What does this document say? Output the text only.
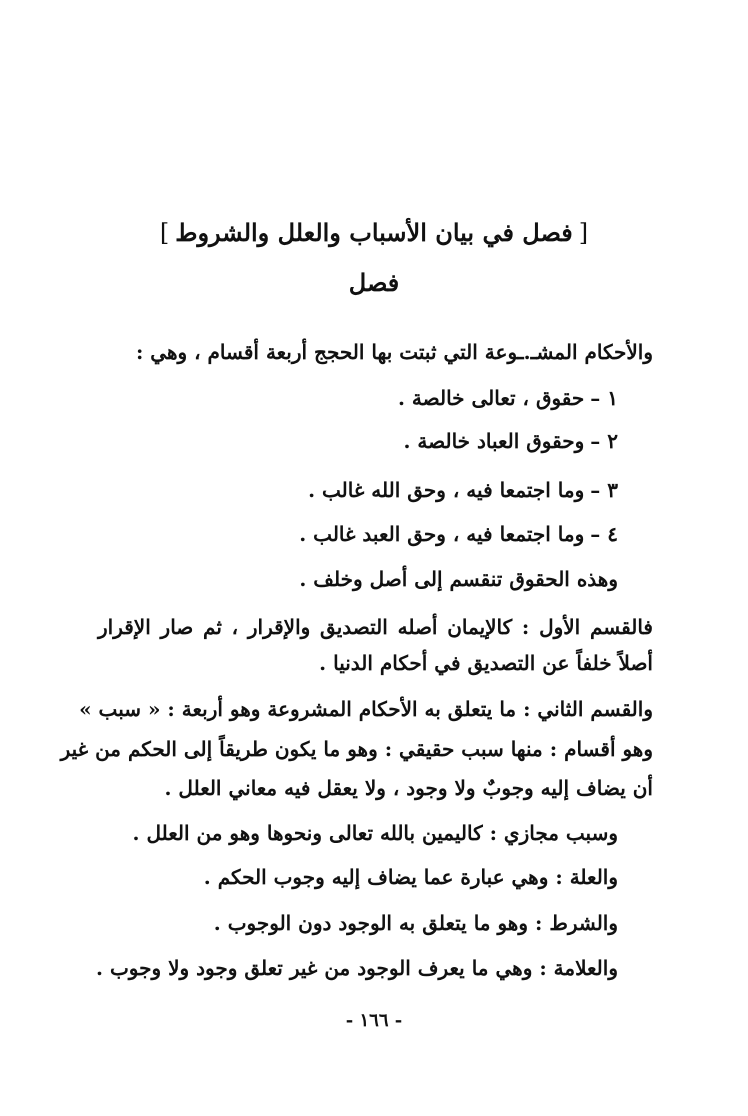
[فصل في بيان الأسباب والعلل والشروط]
فصل
والأحكام المشـ.ـوعة التي ثبتت بها الحجج أربعة أقسام ، وهي :
١ –حقوق ، تعالى خالصة .
٢ –وحقوق العباد خالصة .
٣ –وما اجتمعا فيه ، وحق الله غالب .
٤ –وما اجتمعا فيه ، وحق العبد غالب .
وهذه الحقوق تنقسم إلى أصل وخلف .
فالقسم الأول : كالإيمان أصله التصديق والإقرار ، ثم صار الإقرار
أصلاً خلفاً عن التصديق في أحكام الدنيا .
والقسم الثاني : ما يتعلق به الأحكام المشروعة وهو أربعة : « سبب »
وهو أقسام : منها سبب حقيقي : وهو ما يكون طريقاً إلى الحكم من غير
أن يضاف إليه وجوبٌ ولا وجود ، ولا يعقل فيه معاني العلل .
وسبب مجازي : كاليمين بالله تعالى ونحوها وهو من العلل .
والعلة : وهي عبارة عما يضاف إليه وجوب الحكم .
والشرط : وهو ما يتعلق به الوجود دون الوجوب .
والعلامة : وهي ما يعرف الوجود من غير تعلق وجود ولا وجوب .
- ١٦٦ -
